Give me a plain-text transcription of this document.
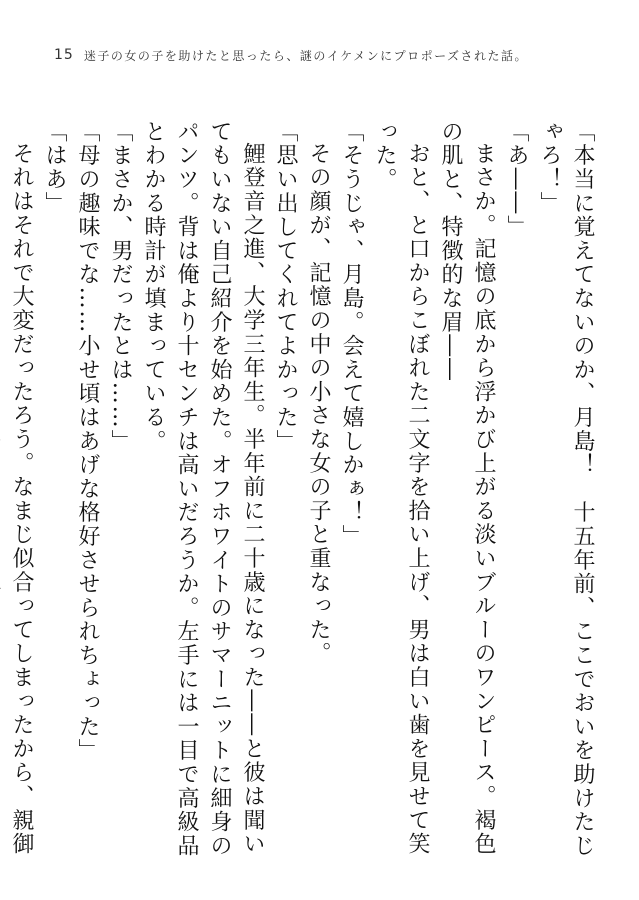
15 迷子の女の子を助けたと思ったら、謎のイケメンにプロポーズされた話。

「本当に覚えてないのか、月島！　十五年前、ここでおいを助けたじゃろ！」

「あ――」

まさか。記憶の底から浮かび上がる淡いブルーのワンピース。褐色の肌と、特徴的な眉――

おと、と口からこぼれた二文字を拾い上げ、男は白い歯を見せて笑った。

「そうじゃ、月島。会えて嬉しかぁ！」

その顔が、記憶の中の小さな女の子と重なった。

「思い出してくれてよかった」

鯉登音之進、大学三年生。半年前に二十歳になった――と彼は聞いてもいない自己紹介を始めた。オフホワイトのサマーニットに細身のパンツ。背は俺より十センチは高いだろうか。左手には一目で高級品とわかる時計が填まっている。

「まさか、男だったとは……」

「母の趣味でな……小せ頃はあげな格好させられちょった」

「はあ」

それはそれで大変だったろう。なまじ似合ってしまったから、親御
